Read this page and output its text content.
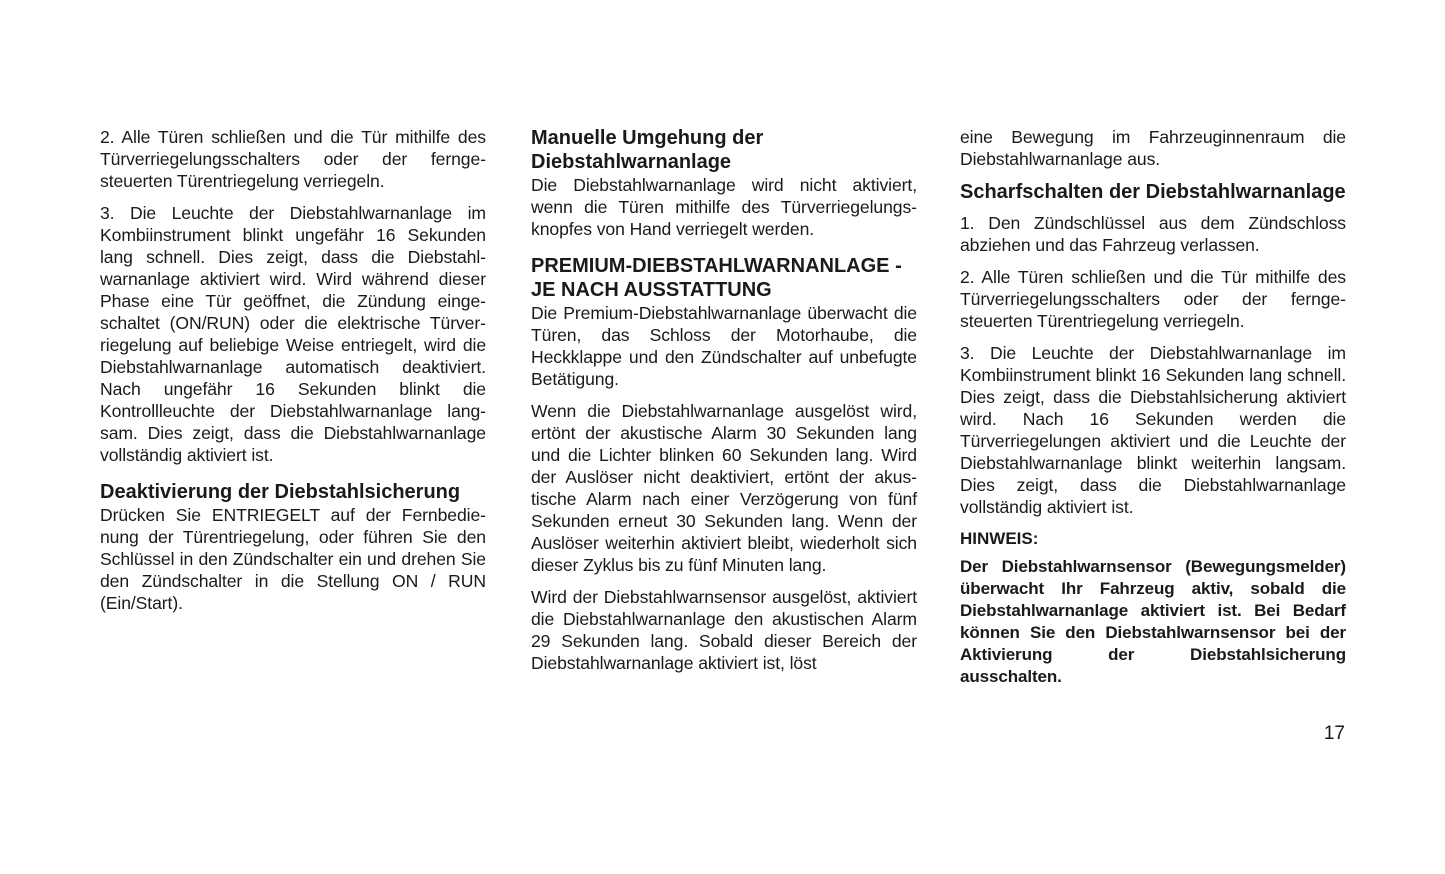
2. Alle Türen schließen und die Tür mithilfe des Türverriegelungsschalters oder der ferngesteuerten Türentriegelung verriegeln.

3. Die Leuchte der Diebstahlwarnanlage im Kombiinstrument blinkt ungefähr 16 Sekunden lang schnell. Dies zeigt, dass die Diebstahlwarnanlage aktiviert wird. Wird während dieser Phase eine Tür geöffnet, die Zündung eingeschaltet (ON/RUN) oder die elektrische Türverriegelung auf beliebige Weise entriegelt, wird die Diebstahlwarnanlage automatisch deaktiviert. Nach ungefähr 16 Sekunden blinkt die Kontrollleuchte der Diebstahlwarnanlage langsam. Dies zeigt, dass die Diebstahlwarnanlage vollständig aktiviert ist.

Deaktivierung der Diebstahlsicherung

Drücken Sie ENTRIEGELT auf der Fernbedienung der Türentriegelung, oder führen Sie den Schlüssel in den Zündschalter ein und drehen Sie den Zündschalter in die Stellung ON / RUN (Ein/Start).

Manuelle Umgehung der Diebstahlwarnanlage

Die Diebstahlwarnanlage wird nicht aktiviert, wenn die Türen mithilfe des Türverriegelungsknopfes von Hand verriegelt werden.

PREMIUM-DIEBSTAHLWARNANLAGE - JE NACH AUSSTATTUNG

Die Premium-Diebstahlwarnanlage überwacht die Türen, das Schloss der Motorhaube, die Heckklappe und den Zündschalter auf unbefugte Betätigung.

Wenn die Diebstahlwarnanlage ausgelöst wird, ertönt der akustische Alarm 30 Sekunden lang und die Lichter blinken 60 Sekunden lang. Wird der Auslöser nicht deaktiviert, ertönt der akustische Alarm nach einer Verzögerung von fünf Sekunden erneut 30 Sekunden lang. Wenn der Auslöser weiterhin aktiviert bleibt, wiederholt sich dieser Zyklus bis zu fünf Minuten lang.

Wird der Diebstahlwarnsensor ausgelöst, aktiviert die Diebstahlwarnanlage den akustischen Alarm 29 Sekunden lang. Sobald dieser Bereich der Diebstahlwarnanlage aktiviert ist, löst

eine Bewegung im Fahrzeuginnenraum die Diebstahlwarnanlage aus.

Scharfschalten der Diebstahlwarnanlage

1. Den Zündschlüssel aus dem Zündschloss abziehen und das Fahrzeug verlassen.

2. Alle Türen schließen und die Tür mithilfe des Türverriegelungsschalters oder der ferngesteuerten Türentriegelung verriegeln.

3. Die Leuchte der Diebstahlwarnanlage im Kombiinstrument blinkt 16 Sekunden lang schnell. Dies zeigt, dass die Diebstahlsicherung aktiviert wird. Nach 16 Sekunden werden die Türverriegelungen aktiviert und die Leuchte der Diebstahlwarnanlage blinkt weiterhin langsam. Dies zeigt, dass die Diebstahlwarnanlage vollständig aktiviert ist.

HINWEIS:

Der Diebstahlwarnsensor (Bewegungsmelder) überwacht Ihr Fahrzeug aktiv, sobald die Diebstahlwarnanlage aktiviert ist. Bei Bedarf können Sie den Diebstahlwarnsensor bei der Aktivierung der Diebstahlsicherung ausschalten.

17
